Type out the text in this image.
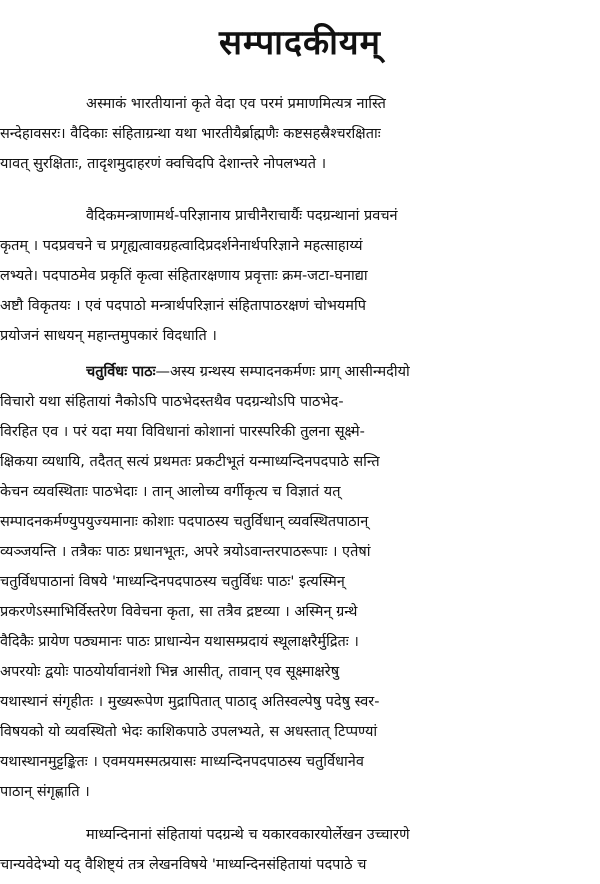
सम्पादकीयम्
अस्माकं भारतीयानां कृते वेदा एव परमं प्रमाणमित्यत्र नास्ति
सन्देहावसरः। वैदिकाः संहिताग्रन्था यथा भारतीयैर्ब्राह्मणैः कष्टसहस्रैश्चरक्षिताः
यावत् सुरक्षिताः, तादृशमुदाहरणं क्वचिदपि देशान्तरे नोपलभ्यते ।
वैदिकमन्त्राणामर्थ-परिज्ञानाय प्राचीनैराचार्यैः पदग्रन्थानां प्रवचनं
कृतम् । पदप्रवचने च प्रगृह्यत्वावग्रहत्वादिप्रदर्शनेनार्थपरिज्ञाने महत्साहाय्यं
लभ्यते। पदपाठमेव प्रकृतिं कृत्वा संहितारक्षणाय प्रवृत्ताः क्रम-जटा-घनाद्या
अष्टौ विकृतयः । एवं पदपाठो मन्त्रार्थपरिज्ञानं संहितापाठरक्षणं चोभयमपि
प्रयोजनं साधयन् महान्तमुपकारं विदधाति ।
चतुर्विधः पाठः—अस्य ग्रन्थस्य सम्पादनकर्मणः प्राग् आसीन्मदीयो
विचारो यथा संहितायां नैकोऽपि पाठभेदस्तथैव पदग्रन्थोऽपि पाठभेद-
विरहित एव । परं यदा मया विविधानां कोशानां पारस्परिकी तुलना सूक्ष्मे-
क्षिकया व्यधायि, तदैतत् सत्यं प्रथमतः प्रकटीभूतं यन्माध्यन्दिनपदपाठे सन्ति
केचन व्यवस्थिताः पाठभेदाः । तान् आलोच्य वर्गीकृत्य च विज्ञातं यत्
सम्पादनकर्मण्युपयुज्यमानाः कोशाः पदपाठस्य चतुर्विधान् व्यवस्थितपाठान्
व्यञ्जयन्ति । तत्रैकः पाठः प्रधानभूतः, अपरे त्रयोऽवान्तरपाठरूपाः । एतेषां
चतुर्विधपाठानां विषये 'माध्यन्दिनपदपाठस्य चतुर्विधः पाठः' इत्यस्मिन्
प्रकरणेऽस्माभिर्विस्तरेण विवेचना कृता, सा तत्रैव द्रष्टव्या । अस्मिन् ग्रन्थे
वैदिकैः प्रायेण पठ्यमानः पाठः प्राधान्येन यथासम्प्रदायं स्थूलाक्षरैर्मुद्रितः ।
अपरयोः द्वयोः पाठयोर्यावानंशो भिन्न आसीत्, तावान् एव सूक्ष्माक्षरेषु
यथास्थानं संगृहीतः । मुख्यरूपेण मुद्रापितात् पाठाद् अतिस्वल्पेषु पदेषु स्वर-
विषयको यो व्यवस्थितो भेदः काशिकपाठे उपलभ्यते, स अधस्तात् टिप्पण्यां
यथास्थानमुट्टङ्कितः । एवमयमस्मत्प्रयासः माध्यन्दिनपदपाठस्य चतुर्विधानेव
पाठान् संगृह्णाति ।
माध्यन्दिनानां संहितायां पदग्रन्थे च यकारवकारयोर्लेखन उच्चारणे
चान्यवेदेभ्यो यद् वैशिष्ट्यं तत्र लेखनविषये 'माध्यन्दिनसंहितायां पदपाठे च
